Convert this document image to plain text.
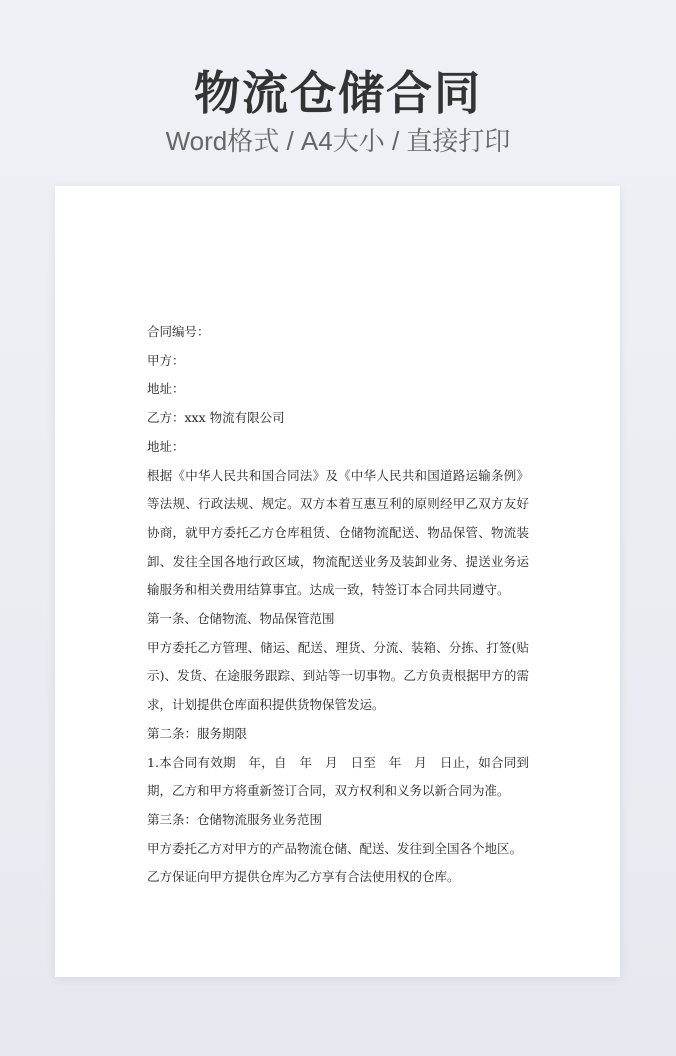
物流仓储合同
Word格式 / A4大小 / 直接打印

合同编号：

甲方：

地址：

乙方：xxx 物流有限公司

地址：

根据《中华人民共和国合同法》及《中华人民共和国道路运输条例》等法规、行政法规、规定。双方本着互惠互利的原则经甲乙双方友好协商，就甲方委托乙方仓库租赁、仓储物流配送、物品保管、物流装卸、发往全国各地行政区域，物流配送业务及装卸业务、提送业务运输服务和相关费用结算事宜。达成一致，特签订本合同共同遵守。

第一条、仓储物流、物品保管范围

甲方委托乙方管理、储运、配送、理货、分流、装箱、分拣、打签(贴示)、发货、在途服务跟踪、到站等一切事物。乙方负责根据甲方的需求，计划提供仓库面积提供货物保管发运。

第二条：服务期限

1.本合同有效期　年，自　年　月　日至　年　月　日止，如合同到期，乙方和甲方将重新签订合同，双方权利和义务以新合同为准。

第三条：仓储物流服务业务范围

甲方委托乙方对甲方的产品物流仓储、配送、发往到全国各个地区。

乙方保证向甲方提供仓库为乙方享有合法使用权的仓库。
